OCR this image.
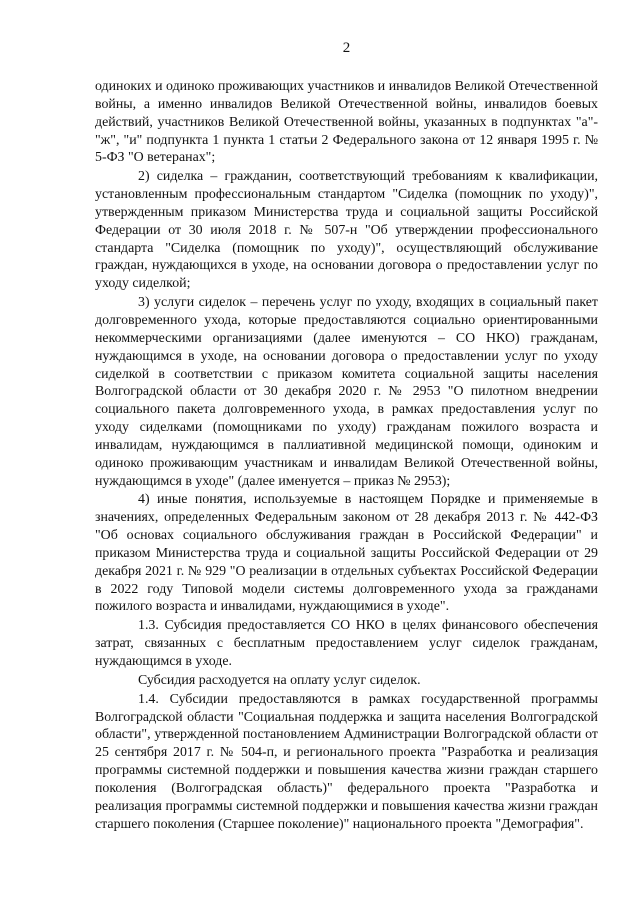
2

одиноких и одиноко проживающих участников и инвалидов Великой Отечественной войны, а именно инвалидов Великой Отечественной войны, инвалидов боевых действий, участников Великой Отечественной войны, указанных в подпунктах "а"-"ж", "и" подпункта 1 пункта 1 статьи 2 Федерального закона от 12 января 1995 г. № 5-ФЗ "О ветеранах";

2) сиделка – гражданин, соответствующий требованиям к квалификации, установленным профессиональным стандартом "Сиделка (помощник по уходу)", утвержденным приказом Министерства труда и социальной защиты Российской Федерации от 30 июля 2018 г. № 507-н "Об утверждении профессионального стандарта "Сиделка (помощник по уходу)", осуществляющий обслуживание граждан, нуждающихся в уходе, на основании договора о предоставлении услуг по уходу сиделкой;

3) услуги сиделок – перечень услуг по уходу, входящих в социальный пакет долговременного ухода, которые предоставляются социально ориентированными некоммерческими организациями (далее именуются – СО НКО) гражданам, нуждающимся в уходе, на основании договора о предоставлении услуг по уходу сиделкой в соответствии с приказом комитета социальной защиты населения Волгоградской области от 30 декабря 2020 г. № 2953 "О пилотном внедрении социального пакета долговременного ухода, в рамках предоставления услуг по уходу сиделками (помощниками по уходу) гражданам пожилого возраста и инвалидам, нуждающимся в паллиативной медицинской помощи, одиноким и одиноко проживающим участникам и инвалидам Великой Отечественной войны, нуждающимся в уходе" (далее именуется – приказ № 2953);

4) иные понятия, используемые в настоящем Порядке и применяемые в значениях, определенных Федеральным законом от 28 декабря 2013 г. № 442-ФЗ "Об основах социального обслуживания граждан в Российской Федерации" и приказом Министерства труда и социальной защиты Российской Федерации от 29 декабря 2021 г. № 929 "О реализации в отдельных субъектах Российской Федерации в 2022 году Типовой модели системы долговременного ухода за гражданами пожилого возраста и инвалидами, нуждающимися в уходе".

1.3. Субсидия предоставляется СО НКО в целях финансового обеспечения затрат, связанных с бесплатным предоставлением услуг сиделок гражданам, нуждающимся в уходе.

Субсидия расходуется на оплату услуг сиделок.

1.4. Субсидии предоставляются в рамках государственной программы Волгоградской области "Социальная поддержка и защита населения Волгоградской области", утвержденной постановлением Администрации Волгоградской области от 25 сентября 2017 г. № 504-п, и регионального проекта "Разработка и реализация программы системной поддержки и повышения качества жизни граждан старшего поколения (Волгоградская область)" федерального проекта "Разработка и реализация программы системной поддержки и повышения качества жизни граждан старшего поколения (Старшее поколение)" национального проекта "Демография".
